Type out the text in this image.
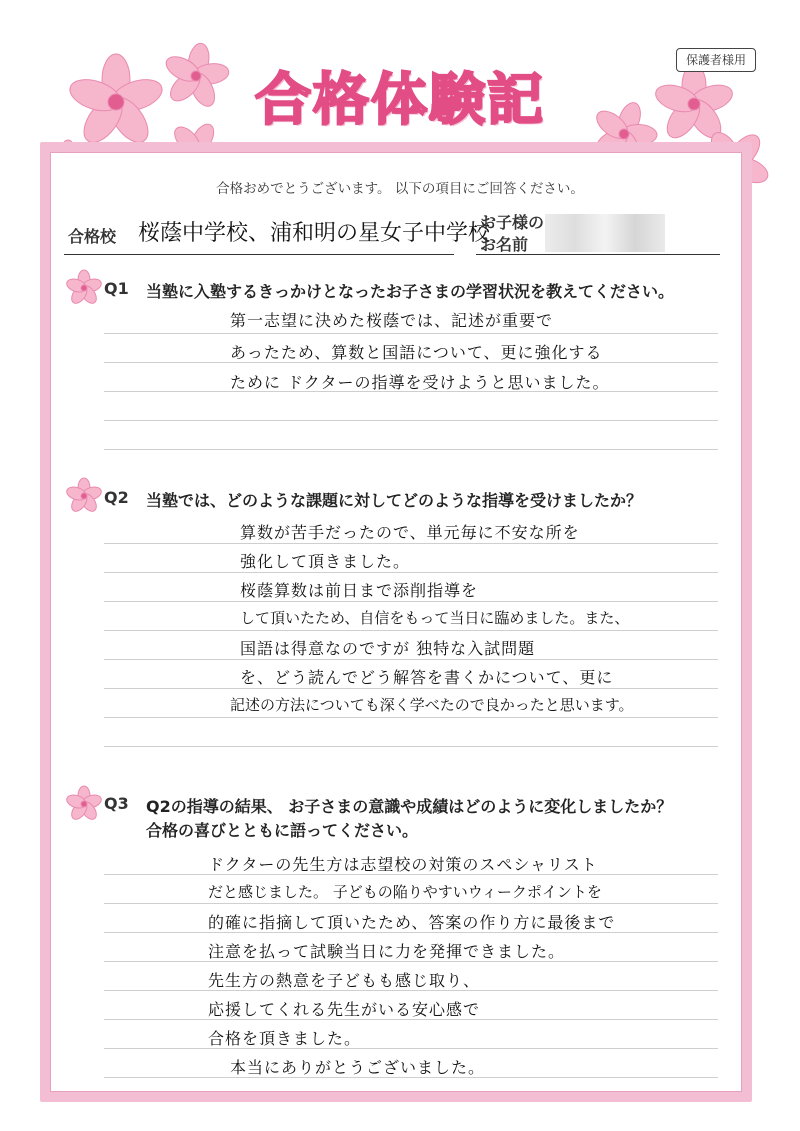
保護者様用
合格体験記
合格おめでとうございます。 以下の項目にご回答ください。
合格校 桜蔭中学校、浦和明の星女子中学校
お子様の
お名前
Q1 当塾に入塾するきっかけとなったお子さまの学習状況を教えてください。
第一志望に決めた桜蔭では、記述が重要で
あったため、算数と国語について、更に強化する
ために ドクターの指導を受けようと思いました。
Q2 当塾では、どのような課題に対してどのような指導を受けましたか？
算数が苦手だったので、単元毎に不安な所を
強化して頂きました。
桜蔭算数は前日まで添削指導を
して頂いたため、自信をもって当日に臨めました。また、
国語は得意なのですが 独特な入試問題
を、どう読んでどう解答を書くかについて、更に
記述の方法についても深く学べたので良かったと思います。
Q3 Q2の指導の結果、 お子さまの意識や成績はどのように変化しましたか？
合格の喜びとともに語ってください。
ドクターの先生方は志望校の対策のスペシャリスト
だと感じました。 子どもの陥りやすいウィークポイントを
的確に指摘して頂いたため、答案の作り方に最後まで
注意を払って試験当日に力を発揮できました。
先生方の熱意を子どもも感じ取り、
応援してくれる先生がいる安心感で
合格を頂きました。
本当にありがとうございました。
